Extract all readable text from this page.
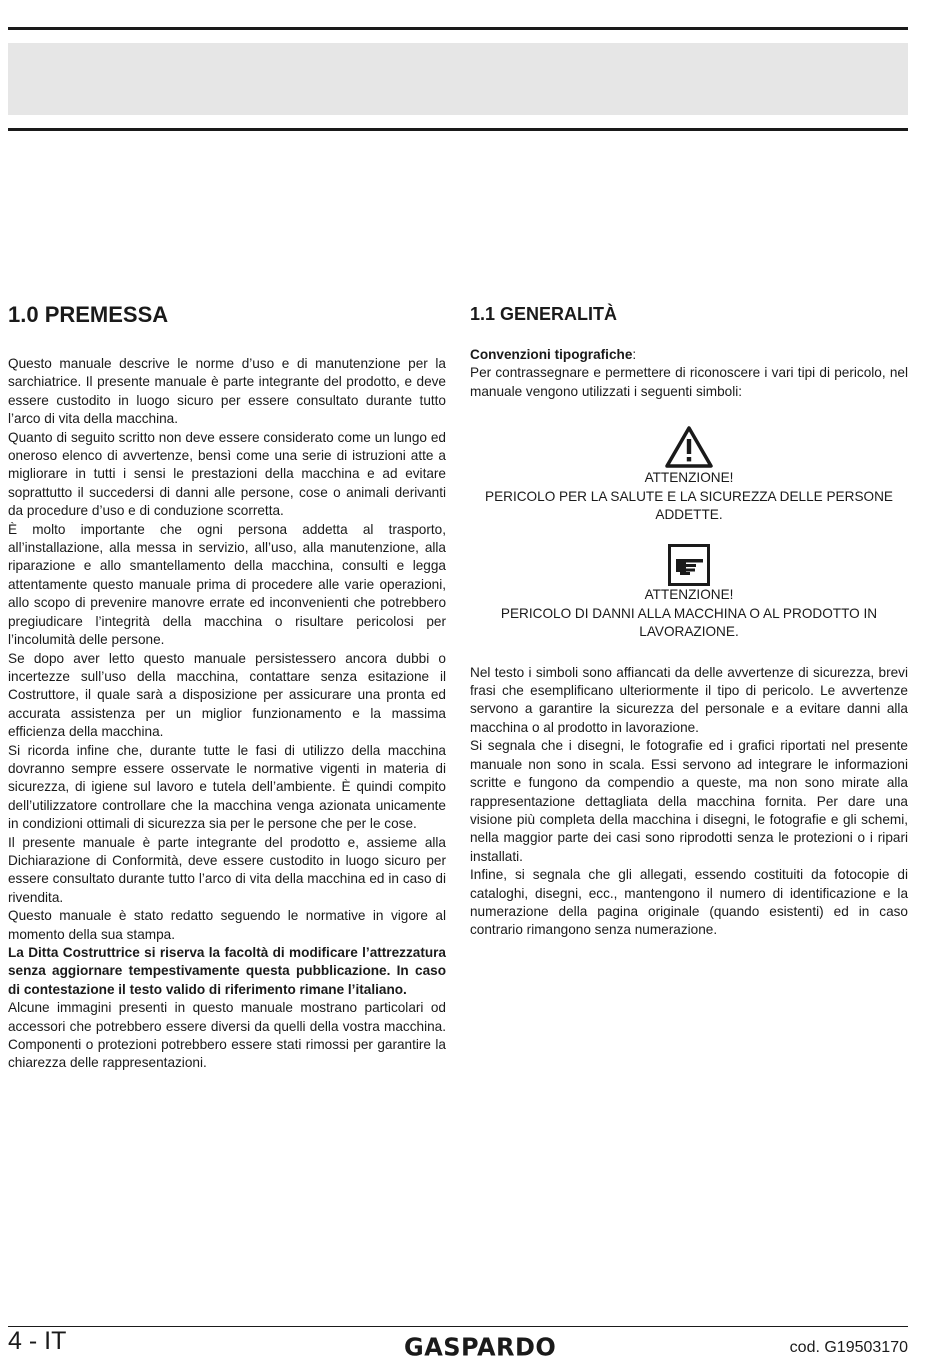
1.0 PREMESSA

Questo manuale descrive le norme d’uso e di manutenzione per la sarchiatrice. Il presente manuale è parte integrante del prodotto, e deve essere custodito in luogo sicuro per essere consultato durante tutto l’arco di vita della macchina.

Quanto di seguito scritto non deve essere considerato come un lungo ed oneroso elenco di avvertenze, bensì come una serie di istruzioni atte a migliorare in tutti i sensi le prestazioni della macchina e ad evitare soprattutto il succedersi di danni alle persone, cose o animali derivanti da procedure d’uso e di conduzione scorretta.

È molto importante che ogni persona addetta al trasporto, all’installazione, alla messa in servizio, all’uso, alla manutenzione, alla riparazione e allo smantellamento della macchina, consulti e legga attentamente questo manuale prima di procedere alle varie operazioni, allo scopo di prevenire manovre errate ed inconvenienti che potrebbero pregiudicare l’integrità della macchina o risultare pericolosi per l’incolumità delle persone.

Se dopo aver letto questo manuale persistessero ancora dubbi o incertezze sull’uso della macchina, contattare senza esitazione il Costruttore, il quale sarà a disposizione per assicurare una pronta ed accurata assistenza per un miglior funzionamento e la massima efficienza della macchina.

Si ricorda infine che, durante tutte le fasi di utilizzo della macchina dovranno sempre essere osservate le normative vigenti in materia di sicurezza, di igiene sul lavoro e tutela dell’ambiente. È quindi compito dell’utilizzatore controllare che la macchina venga azionata unicamente in condizioni ottimali di sicurezza sia per le persone che per le cose.

Il presente manuale è parte integrante del prodotto e, assieme alla Dichiarazione di Conformità, deve essere custodito in luogo sicuro per essere consultato durante tutto l’arco di vita della macchina ed in caso di rivendita.

Questo manuale è stato redatto seguendo le normative in vigore al momento della sua stampa.

La Ditta Costruttrice si riserva la facoltà di modificare l’attrezzatura senza aggiornare tempestivamente questa pubblicazione. In caso di contestazione il testo valido di riferimento rimane l’italiano.

Alcune immagini presenti in questo manuale mostrano particolari od accessori che potrebbero essere diversi da quelli della vostra macchina. Componenti o protezioni potrebbero essere stati rimossi per garantire la chiarezza delle rappresentazioni.

1.1 GENERALITÀ
Convenzioni tipografiche:

Per contrassegnare e permettere di riconoscere i vari tipi di pericolo, nel manuale vengono utilizzati i seguenti simboli:

ATTENZIONE!
PERICOLO PER LA SALUTE E LA SICUREZZA DELLE PERSONE ADDETTE.
ATTENZIONE!
PERICOLO DI DANNI ALLA MACCHINA O AL PRODOTTO IN LAVORAZIONE.

Nel testo i simboli sono affiancati da delle avvertenze di sicurezza, brevi frasi che esemplificano ulteriormente il tipo di pericolo. Le avvertenze servono a garantire la sicurezza del personale e a evitare danni alla macchina o al prodotto in lavorazione.

Si segnala che i disegni, le fotografie ed i grafici riportati nel presente manuale non sono in scala. Essi servono ad integrare le informazioni scritte e fungono da compendio a queste, ma non sono mirate alla rappresentazione dettagliata della macchina fornita. Per dare una visione più completa della macchina i disegni, le fotografie e gli schemi, nella maggior parte dei casi sono riprodotti senza le protezioni o i ripari installati.

Infine, si segnala che gli allegati, essendo costituiti da fotocopie di cataloghi, disegni, ecc., mantengono il numero di identificazione e la numerazione della pagina originale (quando esistenti) ed in caso contrario rimangono senza numerazione.

4 - IT	GASPARDO	cod. G19503170
